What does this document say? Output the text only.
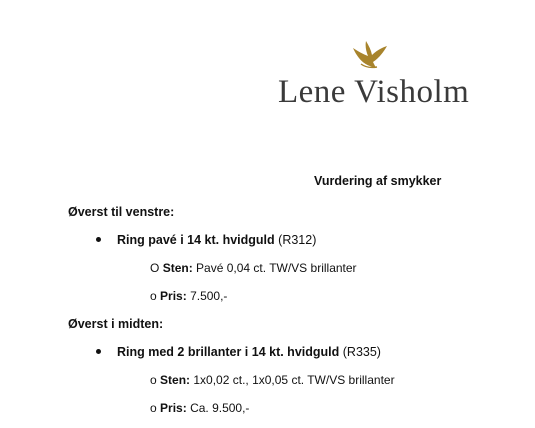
Lene Visholm
Vurdering af smykker
Øverst til venstre:
Ring pavé i 14 kt. hvidguld (R312)
O Sten: Pavé 0,04 ct. TW/VS brillanter
o Pris: 7.500,-
Øverst i midten:
Ring med 2 brillanter i 14 kt. hvidguld (R335)
o Sten: 1x0,02 ct., 1x0,05 ct. TW/VS brillanter
o Pris: Ca. 9.500,-
